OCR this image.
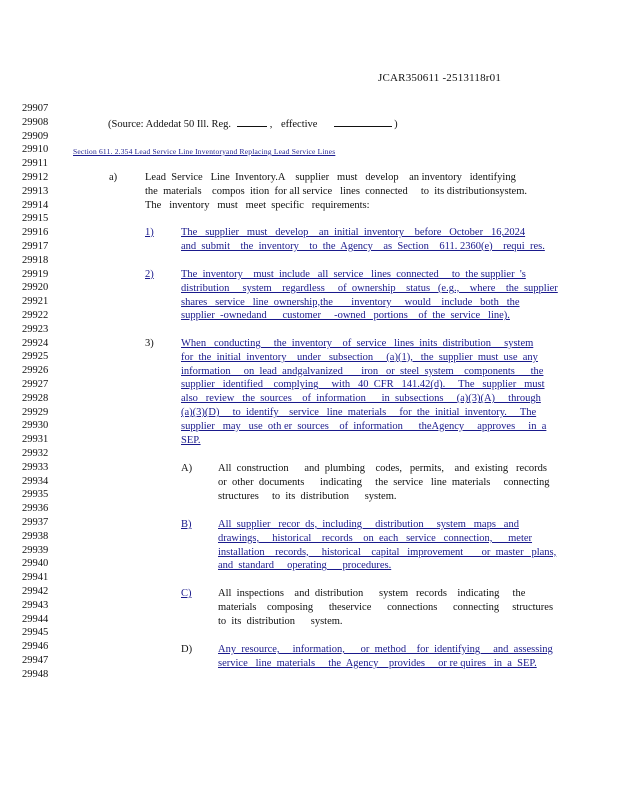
JCAR350611 -2513118r01
29907
29908
29909
29910
29911
29912
29913
29914
29915
29916
29917
29918
29919
29920
29921
29922
29923
29924
29925
29926
29927
29928
29929
29930
29931
29932
29933
29934
29935
29936
29937
29938
29939
29940
29941
29942
29943
29944
29945
29946
29947
29948
(Source: Addedat 50 Ill. Reg.	, effective	)
Section 611. 2.354 Lead Service Line Inventoryand Replacing Lead Service Lines
a)	Lead  Service   Line  Inventory.A    supplier   must   develop    an inventory   identifying
the  materials    compos  ition  for all service   lines  connected     to  its distributionsystem.
The   inventory   must   meet  specific   requirements:
1)	The   supplier   must   develop    an  initial  inventory    before   October   16,2024
and  submit    the  inventory    to  the  Agency    as  Section    611. 2360(e)    requi  res.
2)	The  inventory    must  include   all  service   lines  connected     to  the supplier  's
distribution     system    regardless     of  ownership    status   (e.g.,    where    the  supplier
shares   service   line  ownership,the       inventory     would    include   both   the
supplier  -ownedand      customer     -owned   portions    of  the  service   line).
3)	When   conducting     the  inventory    of  service   lines  inits  distribution     system
for  the  initial  inventory    under   subsection     (a)(1),   the  supplier  must  use  any
information     on  lead  andgalvanized       iron   or  steel  system    components      the
supplier   identified    complying     with   40  CFR   141.42(d).     The   supplier   must
also   review   the  sources    of  information      in  subsections     (a)(3)(A)     through
(a)(3)(D)     to  identify    service   line  materials     for  the  initial  inventory.     The
supplier   may   use  oth er  sources    of  information      theAgency     approves     in  a
SEP.
A) All  construction      and  plumbing    codes,   permits,    and  existing   records
or  other  documents      indicating     the  service   line  materials     connecting
structures     to  its  distribution      system.
B)	All  supplier   recor  ds,  including     distribution     system   maps   and
drawings,     historical    records    on  each   service   connection,      meter
installation    records,     historical    capital   improvement       or  master   plans,
and  standard     operating      procedures.
C)	All  inspections    and  distribution      system   records    indicating     the
materials    composing      theservice      connections      connecting     structures
to  its  distribution      system.
D) Any  resource,     information,      or  method    for  identifying     and  assessing
service   line  materials     the  Agency    provides     or re quires   in  a  SEP.
